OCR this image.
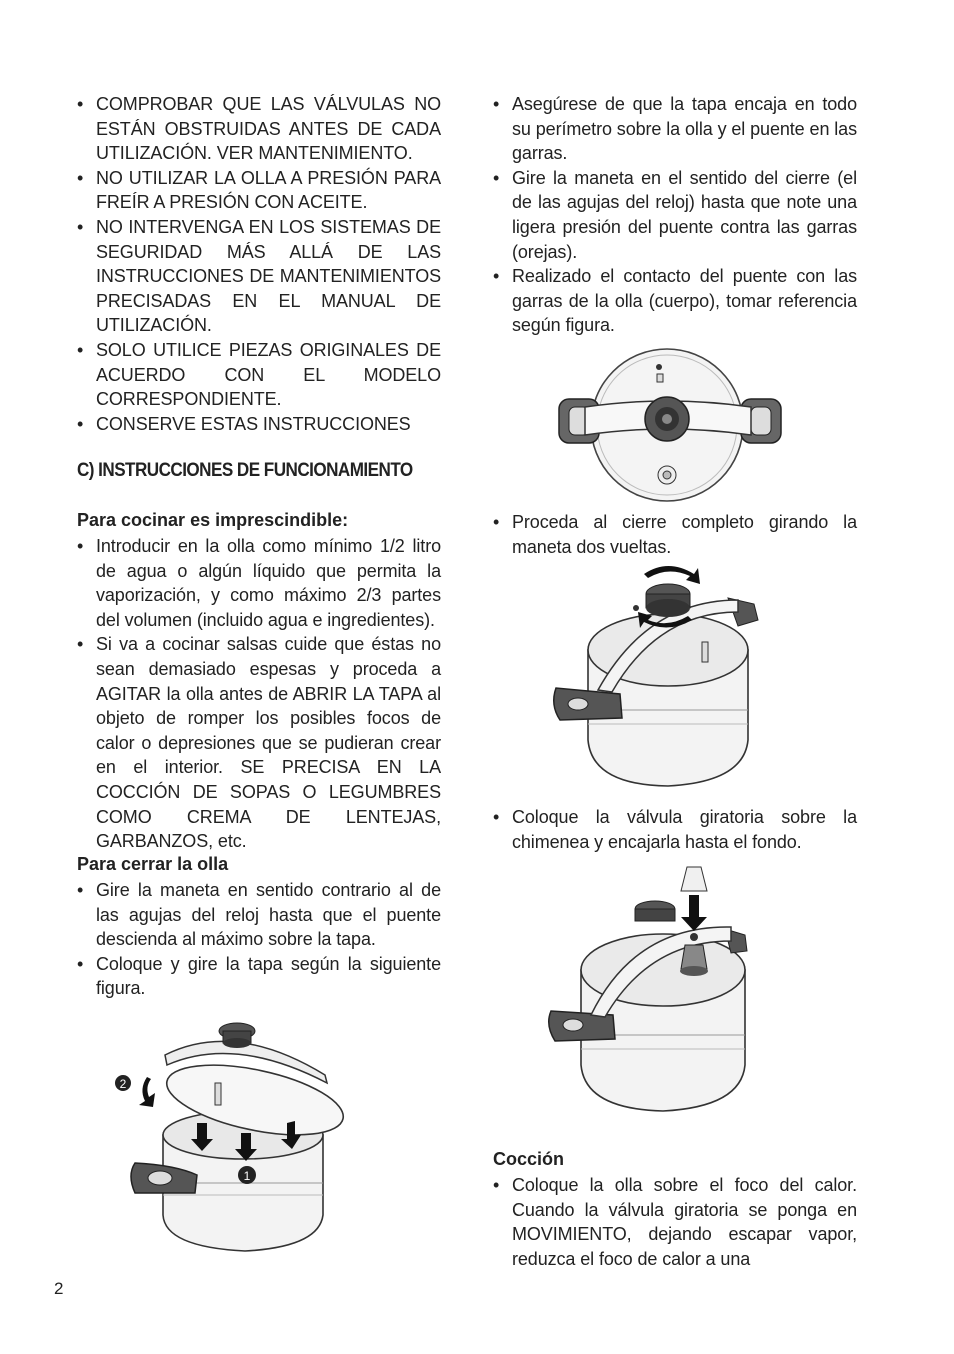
• COMPROBAR QUE LAS VÁLVULAS NO ESTÁN OBSTRUIDAS ANTES DE CADA UTILIZACIÓN. VER MANTENIMIENTO.
• NO UTILIZAR LA OLLA A PRESIÓN PARA FREÍR A PRESIÓN CON ACEITE.
• NO INTERVENGA EN LOS SISTEMAS DE SEGURIDAD MÁS ALLÁ DE LAS INSTRUCCIONES DE MANTENIMIENTOS PRECISADAS EN EL MANUAL DE UTILIZACIÓN.
• SOLO UTILICE PIEZAS ORIGINALES DE ACUERDO CON EL MODELO CORRESPONDIENTE.
• CONSERVE ESTAS INSTRUCCIONES
C) INSTRUCCIONES DE FUNCIONAMIENTO
Para cocinar es imprescindible:
• Introducir en la olla como mínimo 1/2 litro de agua o algún líquido que permita la vaporización, y como máximo 2/3 partes del volumen (incluido agua e ingredientes).
• Si va a cocinar salsas cuide que éstas no sean demasiado espesas y proceda a AGITAR la olla antes de ABRIR LA TAPA al objeto de romper los posibles focos de calor o depresiones que se pudieran crear en el interior. SE PRECISA EN LA COCCIÓN DE SOPAS O LEGUMBRES COMO CREMA DE LENTEJAS, GARBANZOS, etc.
Para cerrar la olla
• Gire la maneta en sentido contrario al de las agujas del reloj hasta que el puente descienda al máximo sobre la tapa.
• Coloque y gire la tapa según la siguiente figura.
2
1
• Asegúrese de que la tapa encaja en todo su perímetro sobre la olla y el puente en las garras.
• Gire la maneta en el sentido del cierre (el de las agujas del reloj) hasta que note una ligera presión del puente contra las garras (orejas).
• Realizado el contacto del puente con las garras de la olla (cuerpo), tomar referencia según figura.
• Proceda al cierre completo girando la maneta dos vueltas.
• Coloque la válvula giratoria sobre la chimenea y encajarla hasta el fondo.
Cocción
• Coloque la olla sobre el foco del calor. Cuando la válvula giratoria se ponga en MOVIMIENTO, dejando escapar vapor, reduzca el foco de calor a una
2
